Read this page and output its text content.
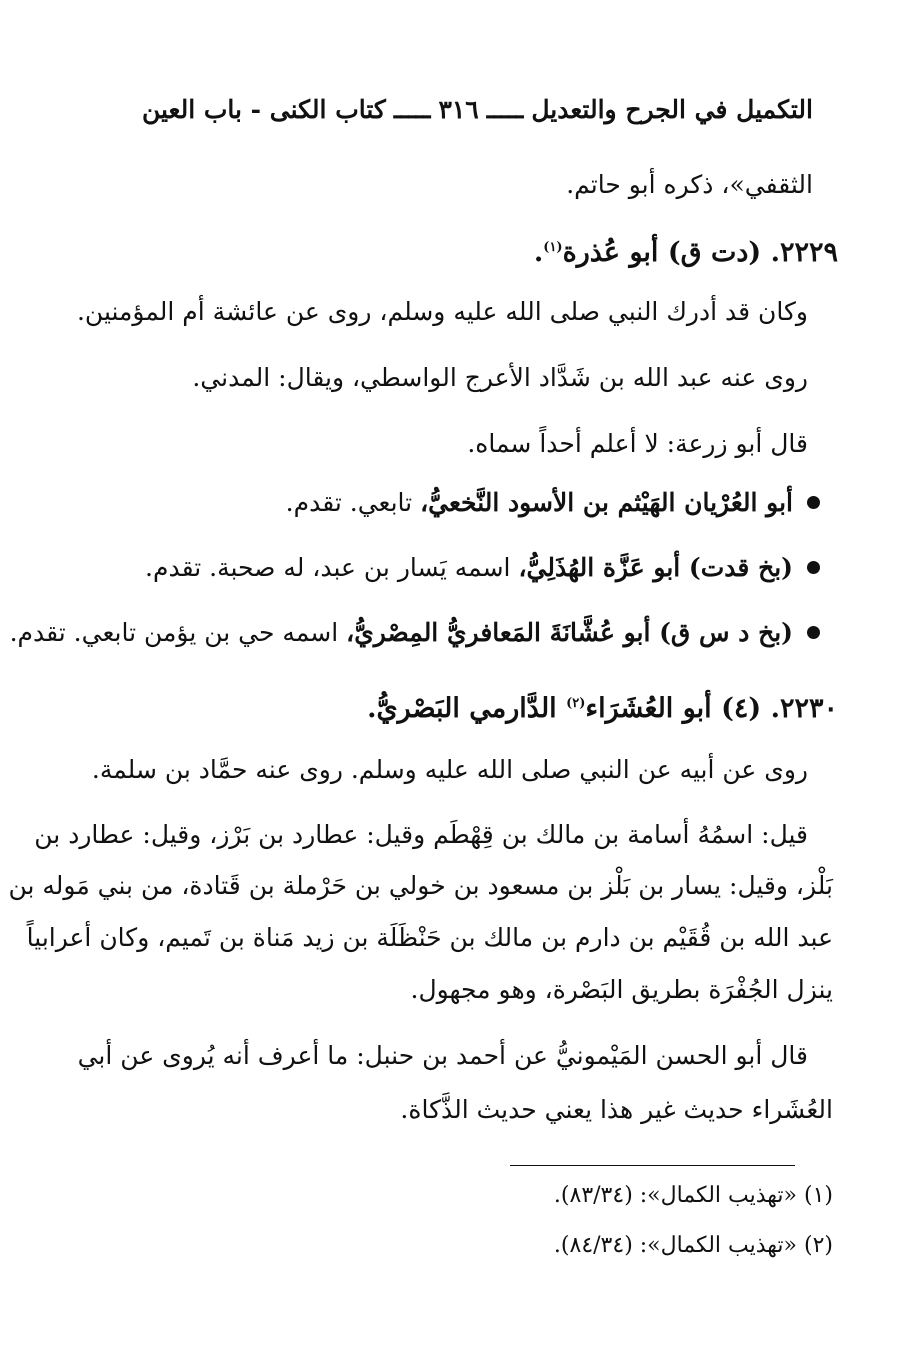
التكميل في الجرح والتعديل
ـــــ
٣١٦
ـــــ
كتاب الكنى - باب العين
الثقفي»، ذكره أبو حاتم.
٢٢٢٩. (دت ق) أبو عُذرة$^{(١)}$.
وكان قد أدرك النبي صلى الله عليه وسلم، روى عن عائشة أم المؤمنين.
روى عنه عبد الله بن شَدَّاد الأعرج الواسطي، ويقال: المدني.
قال أبو زرعة: لا أعلم أحداً سماه.
أبو العُرْيان الهَيْثم بن الأسود النَّخعيُّ، تابعي. تقدم.
(بخ قدت) أبو عَزَّة الهُذَلِيُّ، اسمه يَسار بن عبد، له صحبة. تقدم.
(بخ د س ق) أبو عُشَّانَةَ المَعافريُّ المِصْريُّ، اسمه حي بن يؤمن تابعي. تقدم.
٢٢٣٠. (٤) أبو العُشَرَاء$^{(٢)}$ الدَّارمي البَصْريُّ.
روى عن أبيه عن النبي صلى الله عليه وسلم. روى عنه حمَّاد بن سلمة.
قيل: اسمُهُ أسامة بن مالك بن قِهْطَم وقيل: عطارد بن بَرْز، وقيل: عطارد بن
بَلْز، وقيل: يسار بن بَلْز بن مسعود بن خولي بن حَرْملة بن قَتادة، من بني مَوله بن
عبد الله بن قُقَيْم بن دارم بن مالك بن حَنْظَلَة بن زيد مَناة بن تَميم، وكان أعرابياً
ينزل الجُفْرَة بطريق البَصْرة، وهو مجهول.
قال أبو الحسن المَيْمونيُّ عن أحمد بن حنبل: ما أعرف أنه يُروى عن أبي
العُشَراء حديث غير هذا يعني حديث الذَّكاة.
(١) «تهذيب الكمال»: (٨٣/٣٤).
(٢) «تهذيب الكمال»: (٨٤/٣٤).
